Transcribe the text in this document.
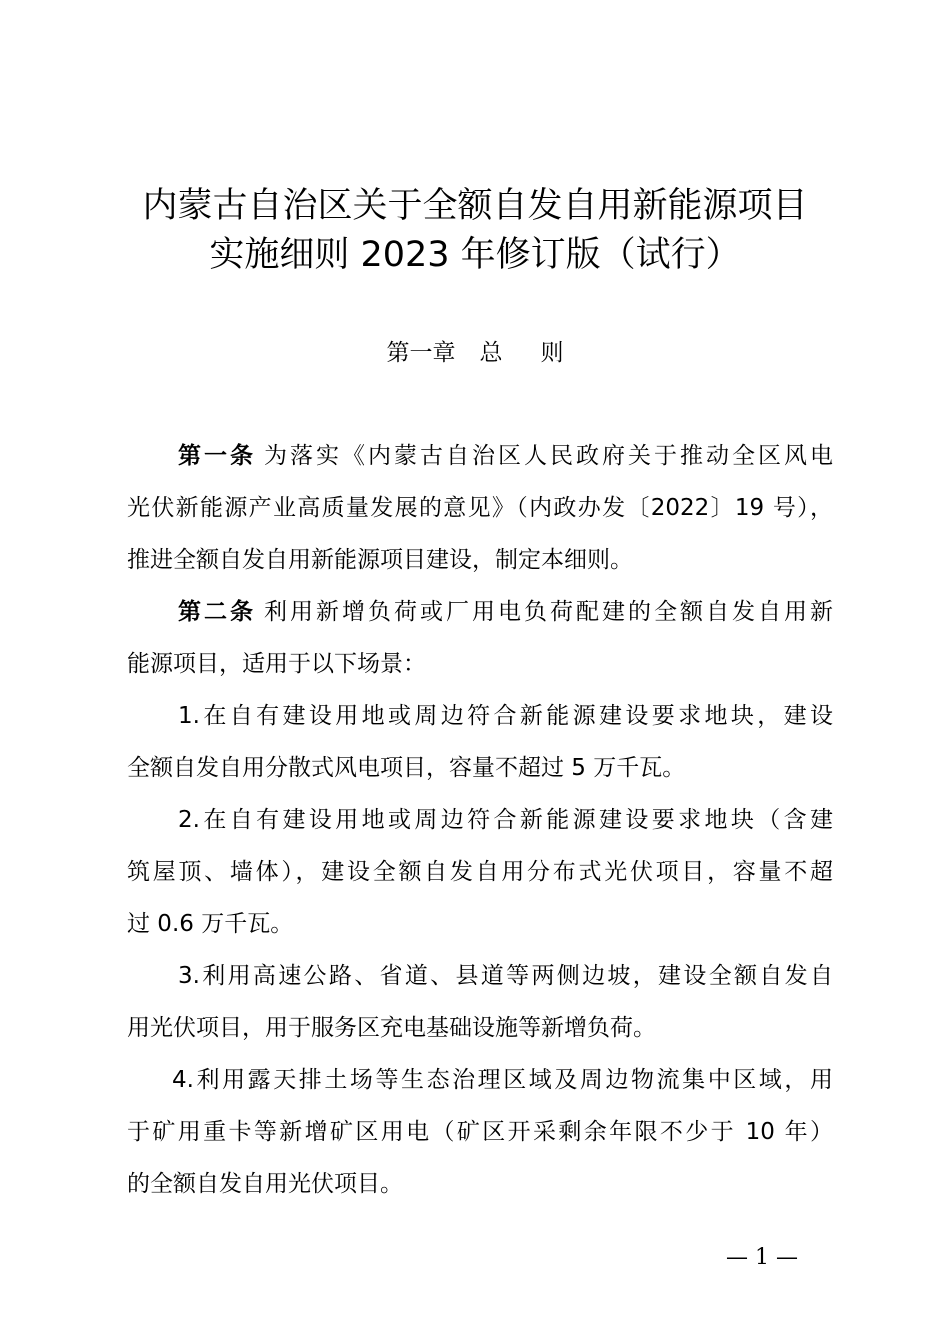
内蒙古自治区关于全额自发自用新能源项目
实施细则 2023 年修订版（试行）
第一章 总 则
第一条 为落实《内蒙古自治区人民政府关于推动全区风电
光伏新能源产业高质量发展的意见》（内政办发〔2022〕19 号），
推进全额自发自用新能源项目建设，制定本细则。
第二条 利用新增负荷或厂用电负荷配建的全额自发自用新
能源项目，适用于以下场景：
1.在自有建设用地或周边符合新能源建设要求地块，建设
全额自发自用分散式风电项目，容量不超过 5 万千瓦。
2.在自有建设用地或周边符合新能源建设要求地块（含建
筑屋顶、墙体），建设全额自发自用分布式光伏项目，容量不超
过 0.6 万千瓦。
3.利用高速公路、省道、县道等两侧边坡，建设全额自发自
用光伏项目，用于服务区充电基础设施等新增负荷。
4.利用露天排土场等生态治理区域及周边物流集中区域，用
于矿用重卡等新增矿区用电（矿区开采剩余年限不少于 10 年）
的全额自发自用光伏项目。
— 1 —
